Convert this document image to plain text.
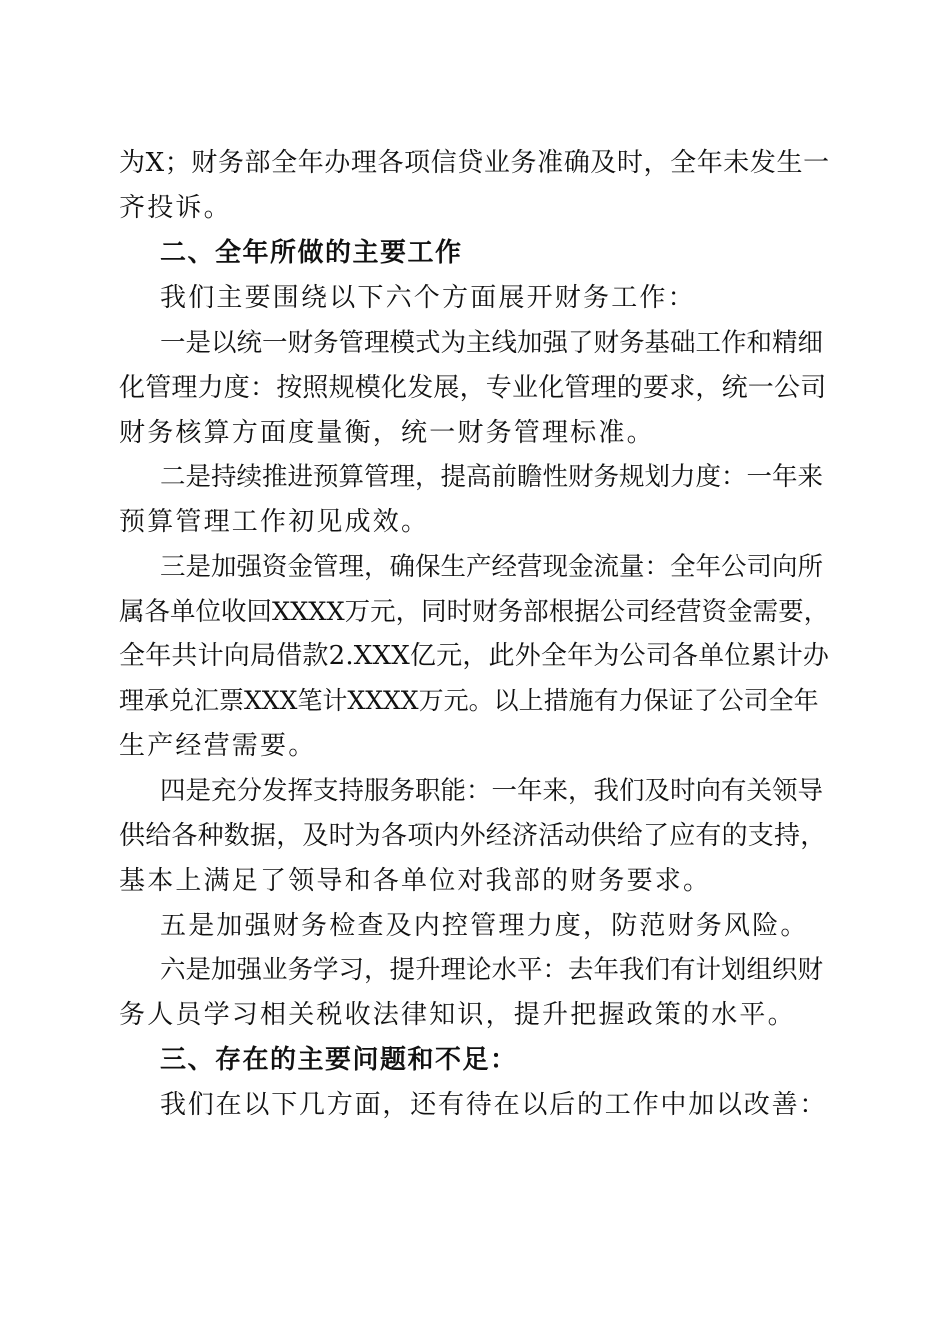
为X；财务部全年办理各项信贷业务准确及时，全年未发生一
齐投诉。
二、全年所做的主要工作
我们主要围绕以下六个方面展开财务工作：
一是以统一财务管理模式为主线加强了财务基础工作和精细
化管理力度：按照规模化发展，专业化管理的要求，统一公司
财务核算方面度量衡，统一财务管理标准。
二是持续推进预算管理，提高前瞻性财务规划力度：一年来
预算管理工作初见成效。
三是加强资金管理，确保生产经营现金流量：全年公司向所
属各单位收回XXXX万元，同时财务部根据公司经营资金需要，
全年共计向局借款2.XXX亿元，此外全年为公司各单位累计办
理承兑汇票XXX笔计XXXX万元。以上措施有力保证了公司全年
生产经营需要。
四是充分发挥支持服务职能：一年来，我们及时向有关领导
供给各种数据，及时为各项内外经济活动供给了应有的支持，
基本上满足了领导和各单位对我部的财务要求。
五是加强财务检查及内控管理力度，防范财务风险。
六是加强业务学习，提升理论水平：去年我们有计划组织财
务人员学习相关税收法律知识，提升把握政策的水平。
三、存在的主要问题和不足：
我们在以下几方面，还有待在以后的工作中加以改善：
